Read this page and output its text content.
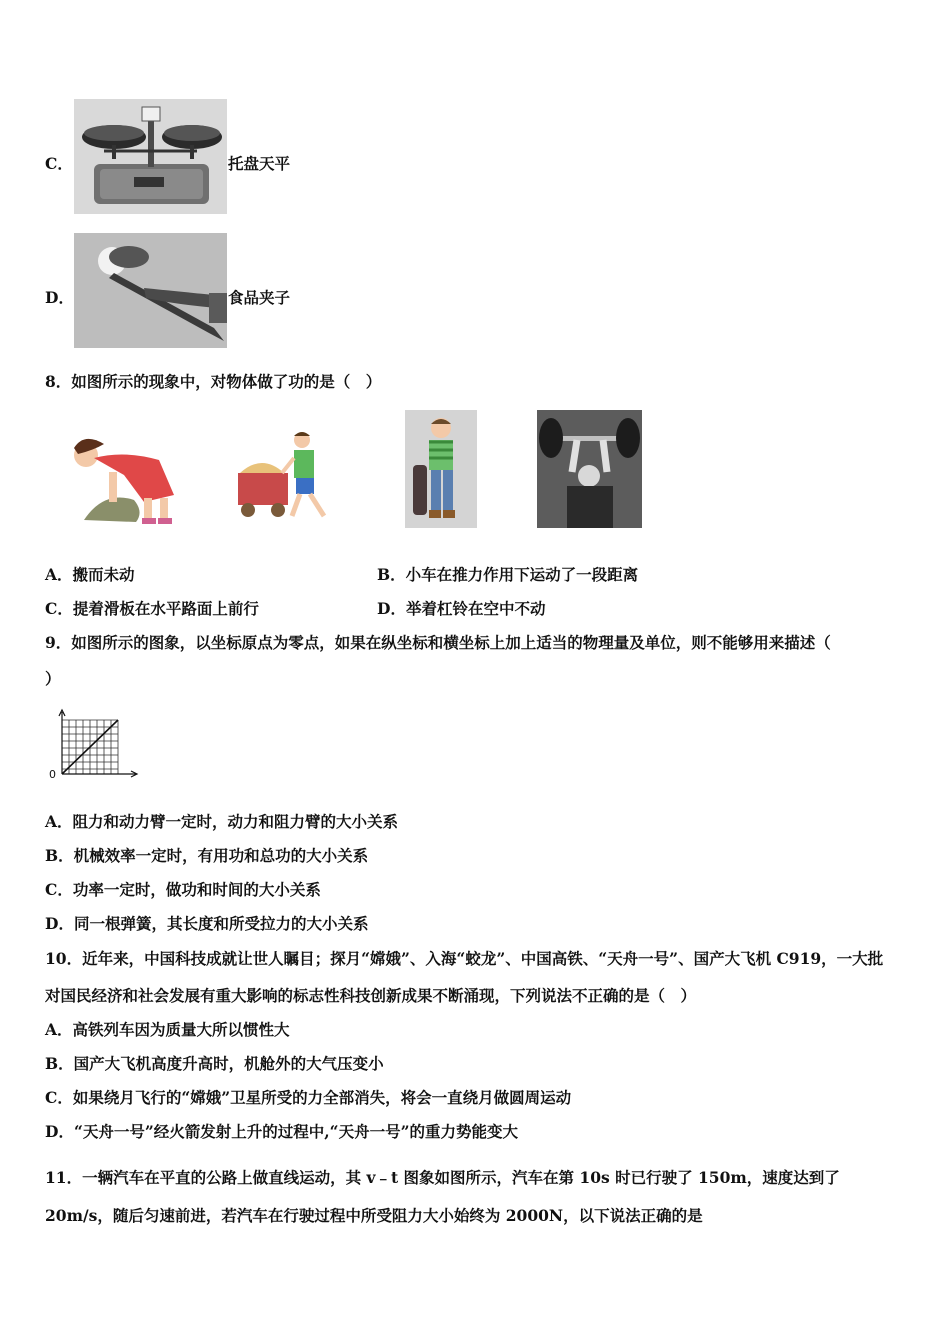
C．	托盘天平
D．	食品夹子
8．如图所示的现象中，对物体做了功的是（　）
A．搬而未动	B．小车在推力作用下运动了一段距离
C．提着滑板在水平路面上前行	D．举着杠铃在空中不动
9．如图所示的图象，以坐标原点为零点，如果在纵坐标和横坐标上加上适当的物理量及单位，则不能够用来描述（
）
0
A．阻力和动力臂一定时，动力和阻力臂的大小关系
B．机械效率一定时，有用功和总功的大小关系
C．功率一定时，做功和时间的大小关系
D．同一根弹簧，其长度和所受拉力的大小关系
10．近年来，中国科技成就让世人瞩目；探月“嫦娥”、入海“蛟龙”、中国高铁、“天舟一号”、国产大飞机 C919，一大批
对国民经济和社会发展有重大影响的标志性科技创新成果不断涌现，下列说法不正确的是（　）
A．高铁列车因为质量大所以惯性大
B．国产大飞机高度升高时，机舱外的大气压变小
C．如果绕月飞行的“嫦娥”卫星所受的力全部消失，将会一直绕月做圆周运动
D．“天舟一号”经火箭发射上升的过程中,“天舟一号”的重力势能变大
11．一辆汽车在平直的公路上做直线运动，其 v﹣t 图象如图所示，汽车在第 10s 时已行驶了 150m，速度达到了
20m/s，随后匀速前进，若汽车在行驶过程中所受阻力大小始终为 2000N，以下说法正确的是
